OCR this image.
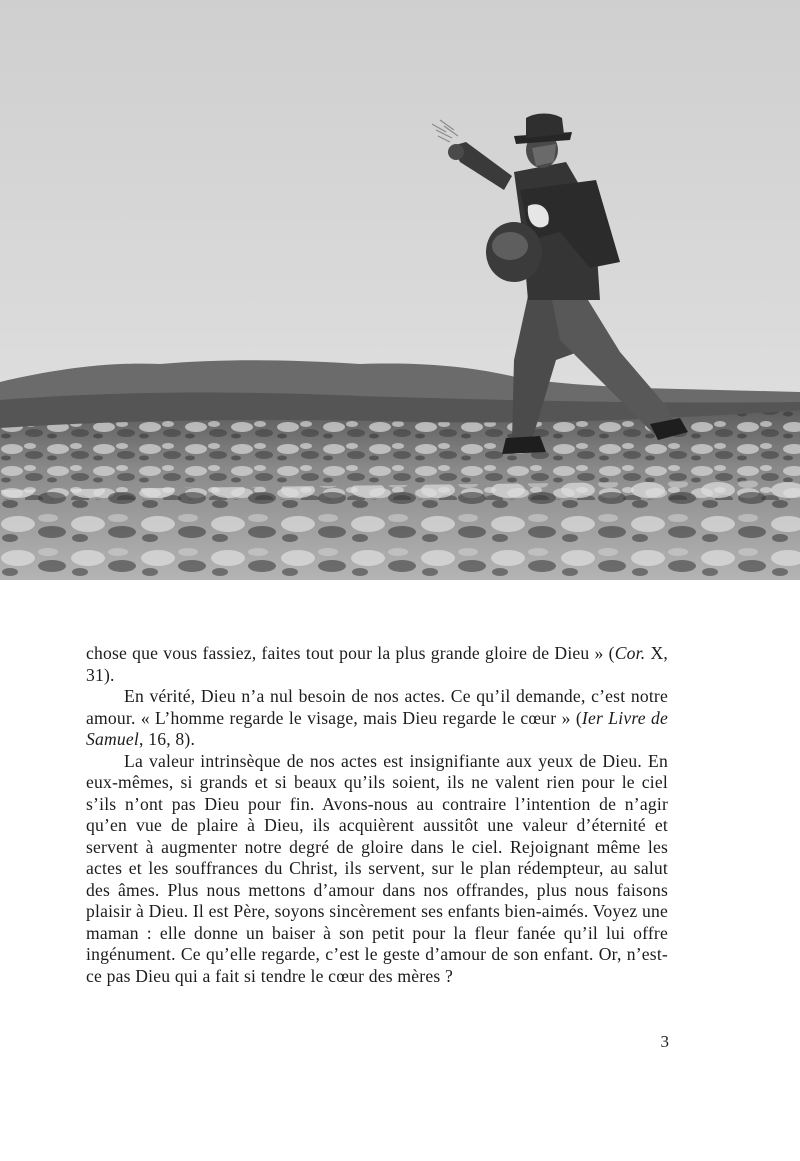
chose que vous fassiez, faites tout pour la plus grande gloire de Dieu » (Cor. X, 31).

En vérité, Dieu n’a nul besoin de nos actes. Ce qu’il demande, c’est notre amour. « L’homme regarde le visage, mais Dieu regarde le cœur » (Ier Livre de Samuel, 16, 8).

La valeur intrinsèque de nos actes est insignifiante aux yeux de Dieu. En eux-mêmes, si grands et si beaux qu’ils soient, ils ne valent rien pour le ciel s’ils n’ont pas Dieu pour fin. Avons-nous au contraire l’intention de n’agir qu’en vue de plaire à Dieu, ils acquièrent aussitôt une valeur d’éternité et servent à augmenter notre degré de gloire dans le ciel. Rejoignant même les actes et les souffrances du Christ, ils servent, sur le plan rédempteur, au salut des âmes. Plus nous mettons d’amour dans nos offrandes, plus nous faisons plaisir à Dieu. Il est Père, soyons sincèrement ses enfants bien-aimés. Voyez une maman : elle donne un baiser à son petit pour la fleur fanée qu’il lui offre ingénument. Ce qu’elle regarde, c’est le geste d’amour de son enfant. Or, n’est-ce pas Dieu qui a fait si tendre le cœur des mères ?

3
